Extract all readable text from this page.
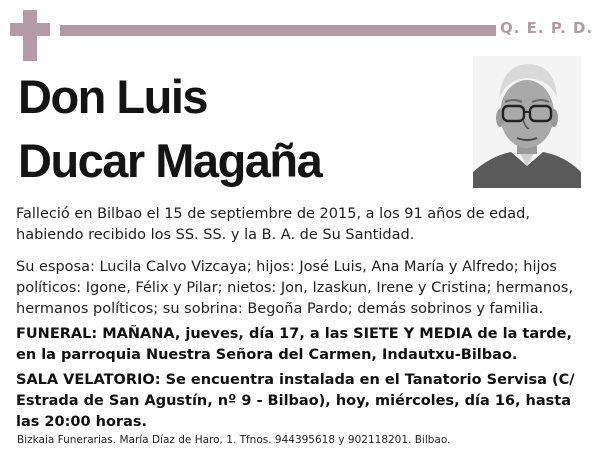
Q. E. P. D.
Don Luis
Ducar Magaña
Falleció en Bilbao el 15 de septiembre de 2015, a los 91 años de edad, habiendo recibido los SS. SS. y la B. A. de Su Santidad.
Su esposa: Lucila Calvo Vizcaya; hijos: José Luis, Ana María y Alfredo; hijos políticos: Igone, Félix y Pilar; nietos: Jon, Izaskun, Irene y Cristina; hermanos, hermanos políticos; su sobrina: Begoña Pardo; demás sobrinos y familia.
FUNERAL: MAÑANA, jueves, día 17, a las SIETE Y MEDIA de la tarde, en la parroquia Nuestra Señora del Carmen, Indautxu-Bilbao.
SALA VELATORIO: Se encuentra instalada en el Tanatorio Servisa (C/ Estrada de San Agustín, nº 9 - Bilbao), hoy, miércoles, día 16, hasta las 20:00 horas.
Bizkaia Funerarias. María Díaz de Haro, 1. Tfnos. 944395618 y 902118201. Bilbao.
